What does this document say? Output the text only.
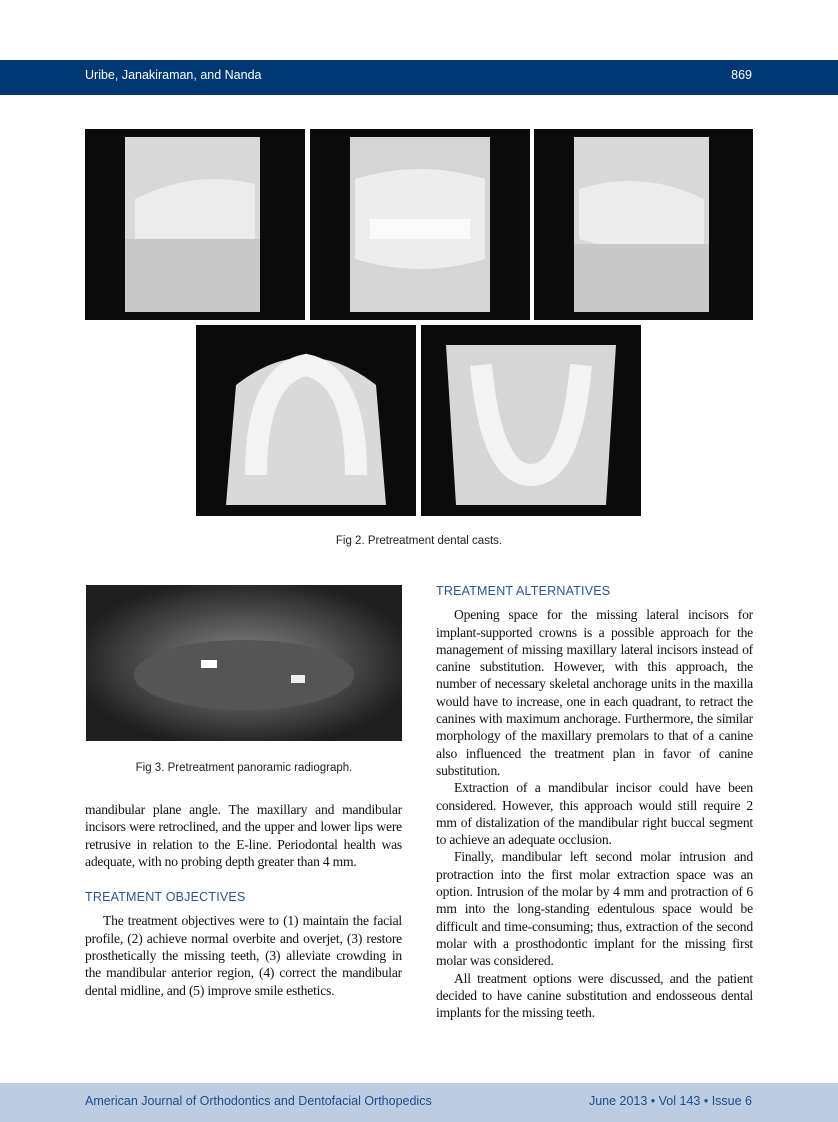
Uribe, Janakiraman, and Nanda	869
Fig 2. Pretreatment dental casts.
Fig 3. Pretreatment panoramic radiograph.

mandibular plane angle. The maxillary and mandibular incisors were retroclined, and the upper and lower lips were retrusive in relation to the E-line. Periodontal health was adequate, with no probing depth greater than 4 mm.

TREATMENT OBJECTIVES

The treatment objectives were to (1) maintain the facial profile, (2) achieve normal overbite and overjet, (3) restore prosthetically the missing teeth, (3) alleviate crowding in the mandibular anterior region, (4) correct the mandibular dental midline, and (5) improve smile esthetics.

TREATMENT ALTERNATIVES

Opening space for the missing lateral incisors for implant-supported crowns is a possible approach for the management of missing maxillary lateral incisors instead of canine substitution. However, with this approach, the number of necessary skeletal anchorage units in the maxilla would have to increase, one in each quadrant, to retract the canines with maximum anchorage. Furthermore, the similar morphology of the maxillary premolars to that of a canine also influenced the treatment plan in favor of canine substitution.

Extraction of a mandibular incisor could have been considered. However, this approach would still require 2 mm of distalization of the mandibular right buccal segment to achieve an adequate occlusion.

Finally, mandibular left second molar intrusion and protraction into the first molar extraction space was an option. Intrusion of the molar by 4 mm and protraction of 6 mm into the long-standing edentulous space would be difficult and time-consuming; thus, extraction of the second molar with a prosthodontic implant for the missing first molar was considered.

All treatment options were discussed, and the patient decided to have canine substitution and endosseous dental implants for the missing teeth.

American Journal of Orthodontics and Dentofacial Orthopedics	June 2013 • Vol 143 • Issue 6
